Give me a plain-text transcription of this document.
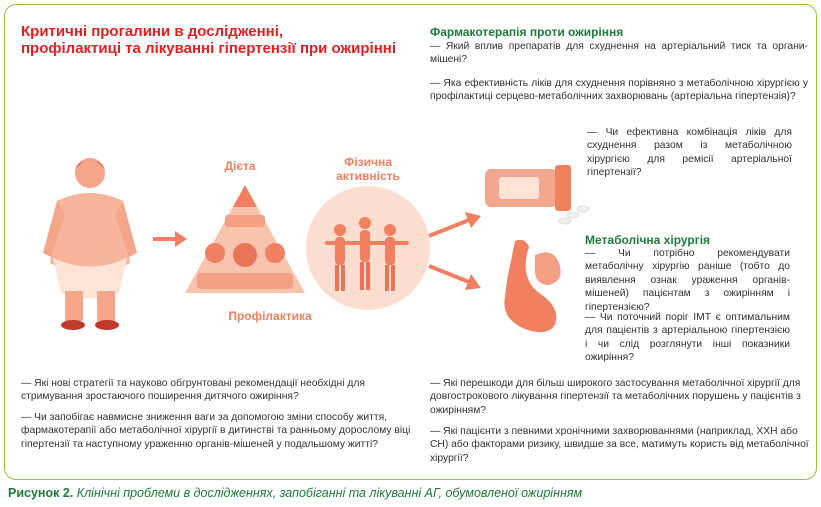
Критичні прогалини в дослідженні,
профілактиці та лікуванні гіпертензії при ожирінні
Дієта	Фізична
активність
Профілактика
Фармакотерапія проти ожиріння
— Який вплив препаратів для схуднення на артеріальний тиск та органи-мішені?
— Яка ефективність ліків для схуднення порівняно з метаболічною хірургією у профілактиці серцево-метаболічних захворювань (артеріальна гіпертензія)?
— Чи ефективна комбінація ліків для схуднення разом із метаболічною хірургією для ремісії артеріальної гіпертензії?
Метаболічна хірургія
— Чи потрібно рекомендувати метаболічну хірургію раніше (тобто до виявлення ознак ураження органів-мішеней) пацієнтам з ожирінням і гіпертензією?
— Чи поточний поріг ІМТ є оптимальним для пацієнтів з артеріальною гіпертензією і чи слід розглянути інші показники ожиріння?
— Які нові стратегії та науково обгрунтовані рекомендації необхідні для стримування зростаючого поширення дитячого ожиріння?
— Чи запобігає навмисне зниження ваги за допомогою зміни способу життя, фармакотерапії або метаболічної хірургії в дитинстві та ранньому дорослому віці гіпертензії та наступному ураженню органів-мішеней у подальшому житті?
— Які перешкоди для більш широкого застосування метаболічної хірургії для довгострокового лікування гіпертензії та метаболічних порушень у пацієнтів з ожирінням?
— Які пацієнти з певними хронічними захворюваннями (наприклад, ХХН або СН) або факторами ризику, швидше за все, матимуть користь від метаболічної хірургії?
Рисунок 2. Клінічні проблеми в дослідженнях, запобіганні та лікуванні АГ, обумовленої ожирінням
